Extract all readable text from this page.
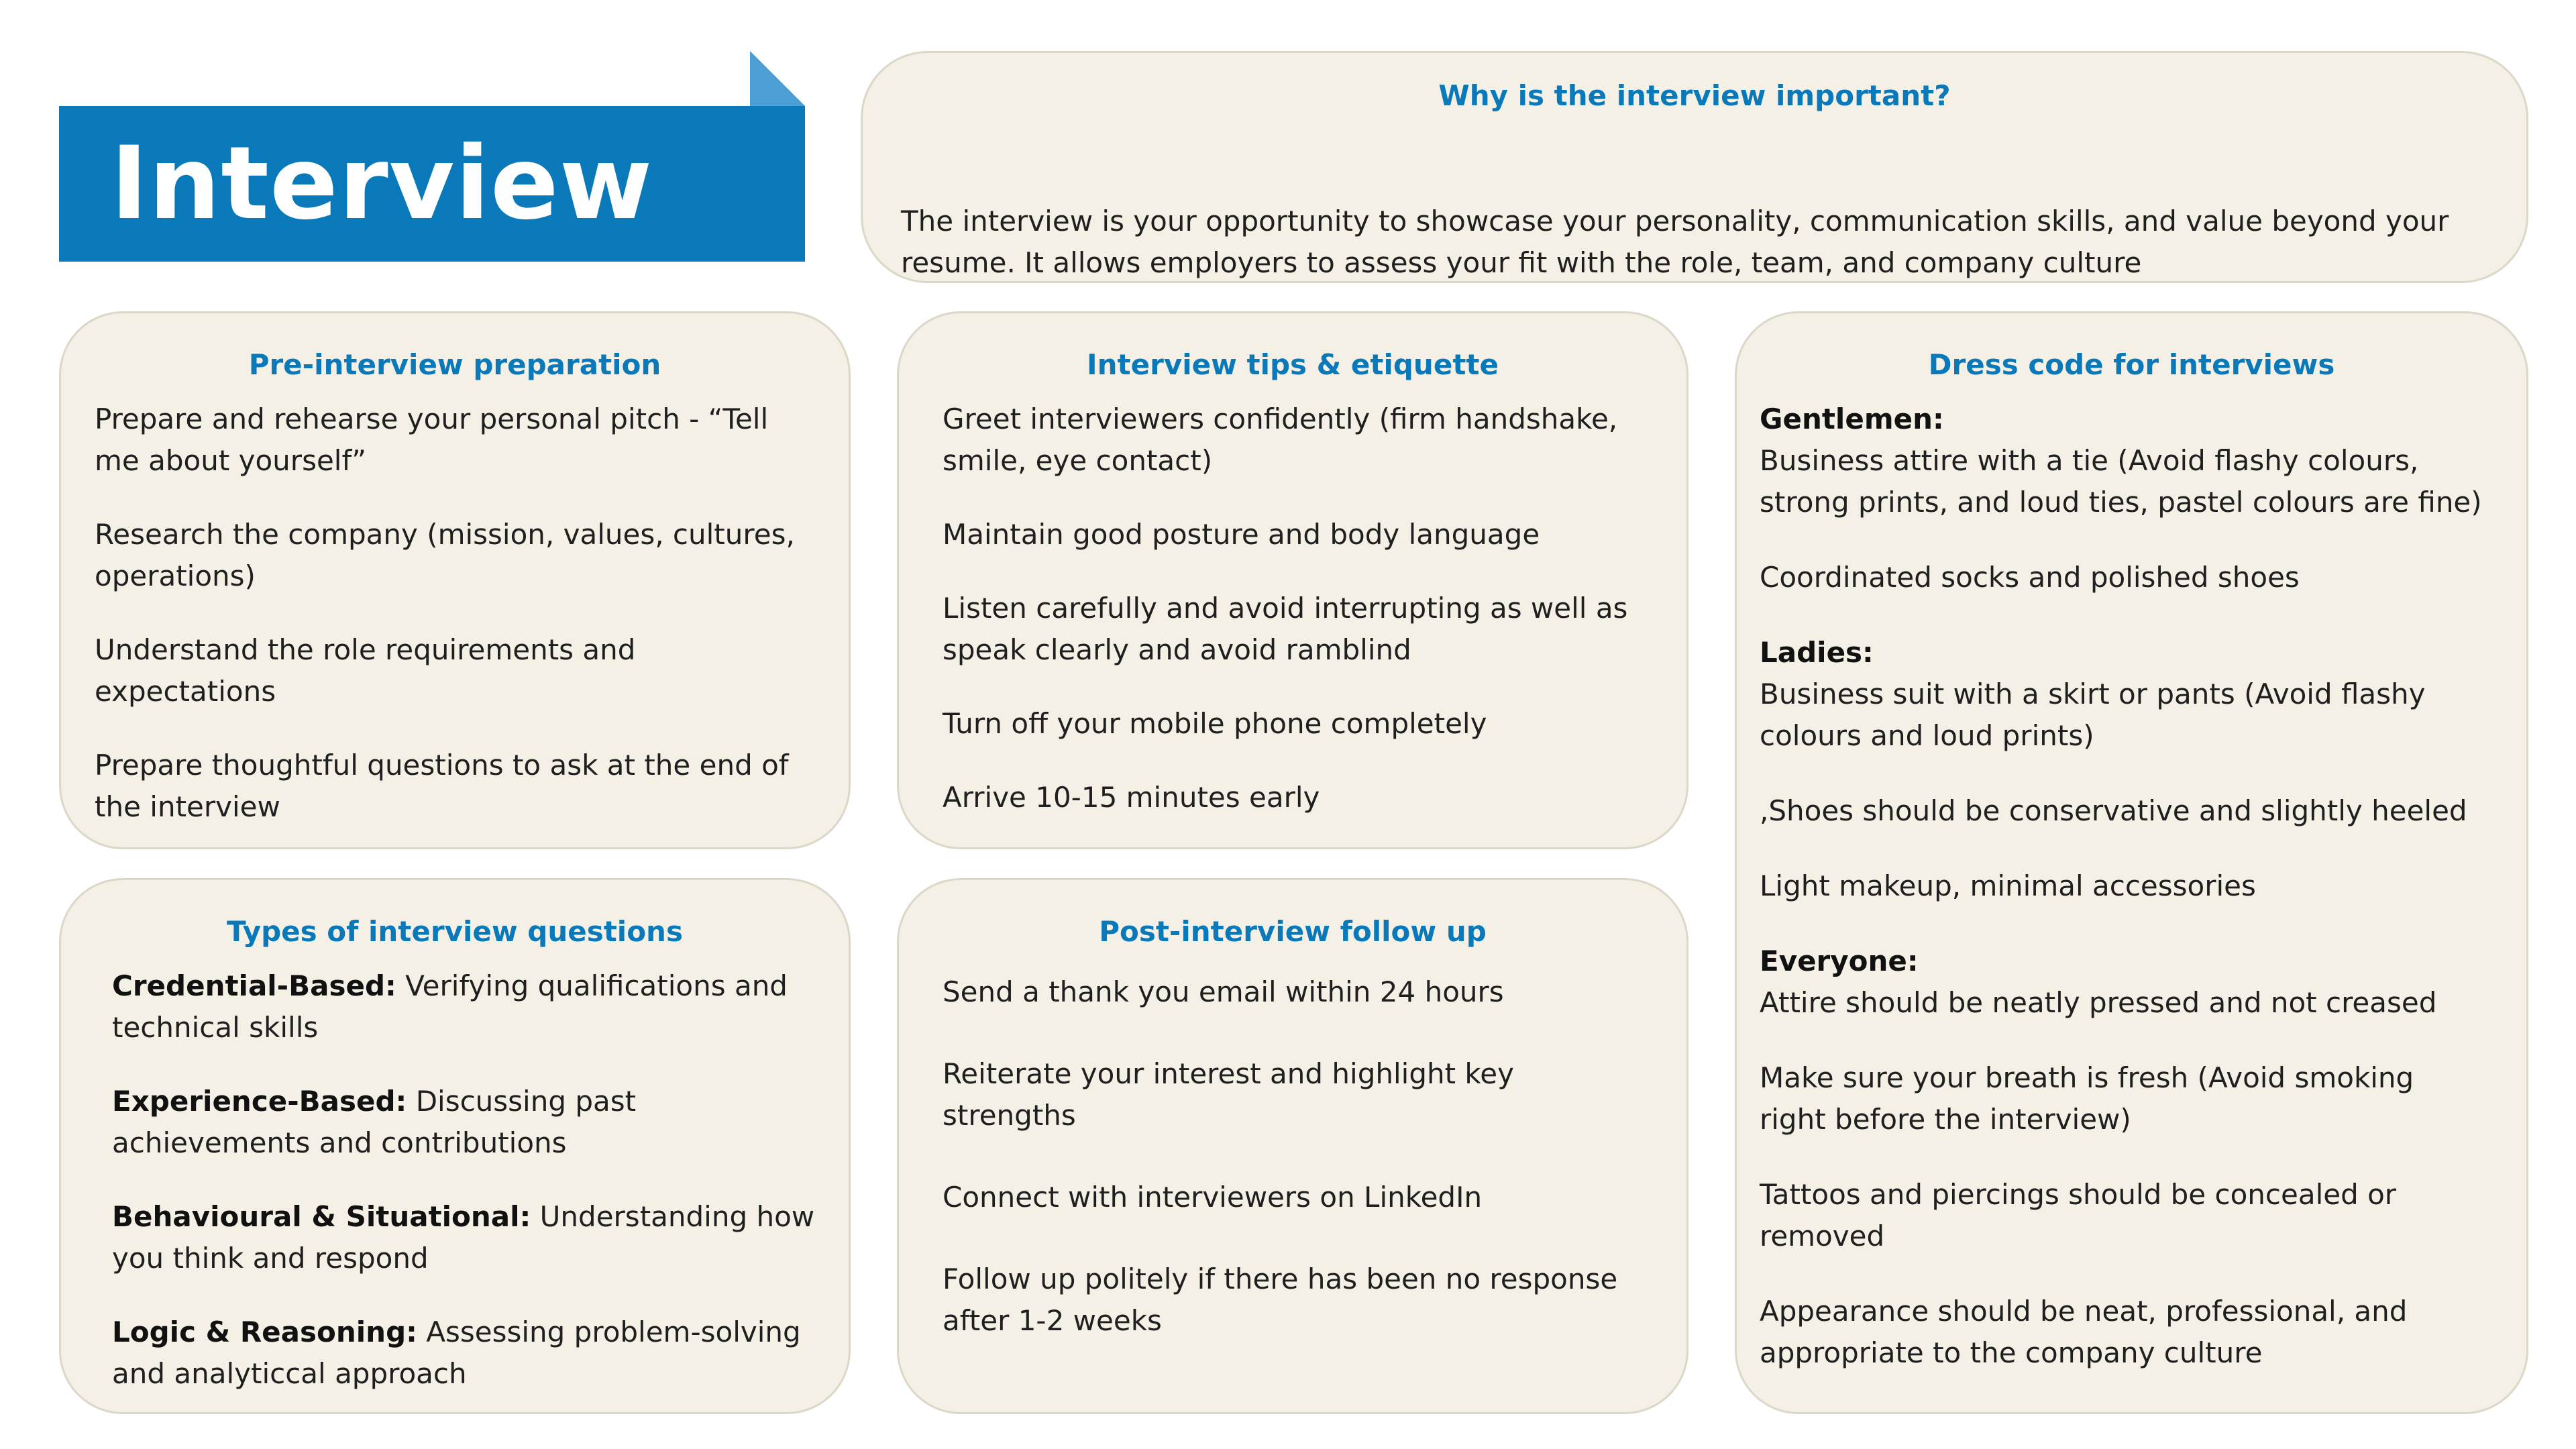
Interview
Why is the interview important?

The interview is your opportunity to showcase your personality, communication skills, and value beyond your

resume. It allows employers to assess your fit with the role, team, and company culture

Pre-interview preparation

Prepare and rehearse your personal pitch - “Tell
me about yourself”

Research the company (mission, values, cultures,
operations)

Understand the role requirements and
expectations

Prepare thoughtful questions to ask at the end of
the interview

Interview tips & etiquette

Greet interviewers confidently (firm handshake,
smile, eye contact)

Maintain good posture and body language

Listen carefully and avoid interrupting as well as
speak clearly and avoid ramblind

Turn off your mobile phone completely

Arrive 10-15 minutes early

Dress code for interviews

Gentlemen:

Business attire with a tie (Avoid flashy colours,
strong prints, and loud ties, pastel colours are fine)

Coordinated socks and polished shoes

Ladies:

Business suit with a skirt or pants (Avoid flashy
colours and loud prints)

,Shoes should be conservative and slightly heeled

Light makeup, minimal accessories

Everyone:

Attire should be neatly pressed and not creased

Make sure your breath is fresh (Avoid smoking
right before the interview)

Tattoos and piercings should be concealed or
removed

Appearance should be neat, professional, and
appropriate to the company culture

Types of interview questions

Credential-Based: Verifying qualifications and
technical skills

Experience-Based: Discussing past
achievements and contributions

Behavioural & Situational: Understanding how
you think and respond

Logic & Reasoning: Assessing problem-solving
and analyticcal approach

Post-interview follow up

Send a thank you email within 24 hours

Reiterate your interest and highlight key
strengths

Connect with interviewers on LinkedIn

Follow up politely if there has been no response
after 1-2 weeks
